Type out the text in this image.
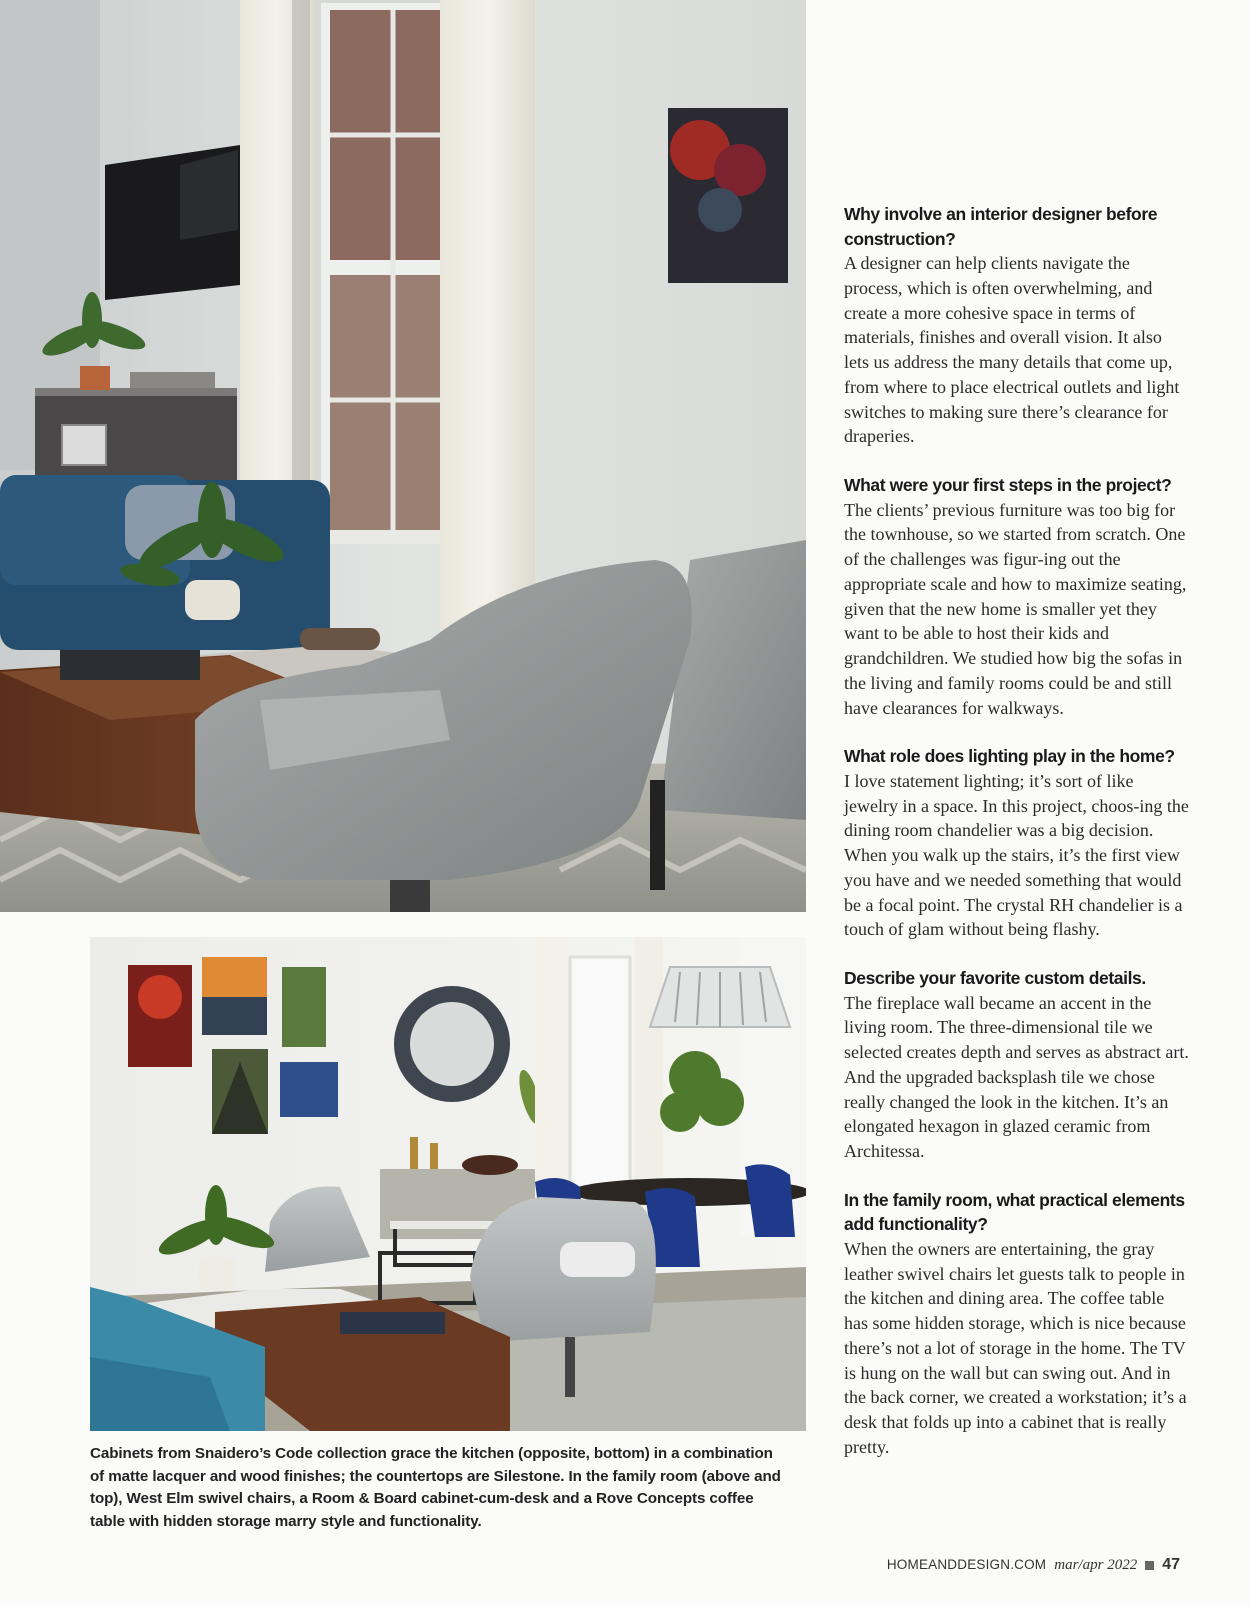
Cabinets from Snaidero’s Code collection grace the kitchen (opposite, bottom) in a combination of matte lacquer and wood finishes; the countertops are Silestone. In the family room (above and top), West Elm swivel chairs, a Room & Board cabinet-cum-desk and a Rove Concepts coffee table with hidden storage marry style and functionality.
Why involve an interior designer before construction?
A designer can help clients navigate the process, which is often overwhelming, and create a more cohesive space in terms of materials, finishes and overall vision. It also lets us address the many details that come up, from where to place electrical outlets and light switches to making sure there’s clearance for draperies.
What were your first steps in the project?
The clients’ previous furniture was too big for the townhouse, so we started from scratch. One of the challenges was figur-ing out the appropriate scale and how to maximize seating, given that the new home is smaller yet they want to be able to host their kids and grandchildren. We studied how big the sofas in the living and family rooms could be and still have clearances for walkways.
What role does lighting play in the home?
I love statement lighting; it’s sort of like jewelry in a space. In this project, choos-ing the dining room chandelier was a big decision. When you walk up the stairs, it’s the first view you have and we needed something that would be a focal point. The crystal RH chandelier is a touch of glam without being flashy.
Describe your favorite custom details.
The fireplace wall became an accent in the living room. The three-dimensional tile we selected creates depth and serves as abstract art. And the upgraded backsplash tile we chose really changed the look in the kitchen. It’s an elongated hexagon in glazed ceramic from Architessa.
In the family room, what practical elements add functionality?
When the owners are entertaining, the gray leather swivel chairs let guests talk to people in the kitchen and dining area. The coffee table has some hidden storage, which is nice because there’s not a lot of storage in the home. The TV is hung on the wall but can swing out. And in the back corner, we created a workstation; it’s a desk that folds up into a cabinet that is really pretty.
HOMEANDDESIGN.COM mar/apr 2022 47
